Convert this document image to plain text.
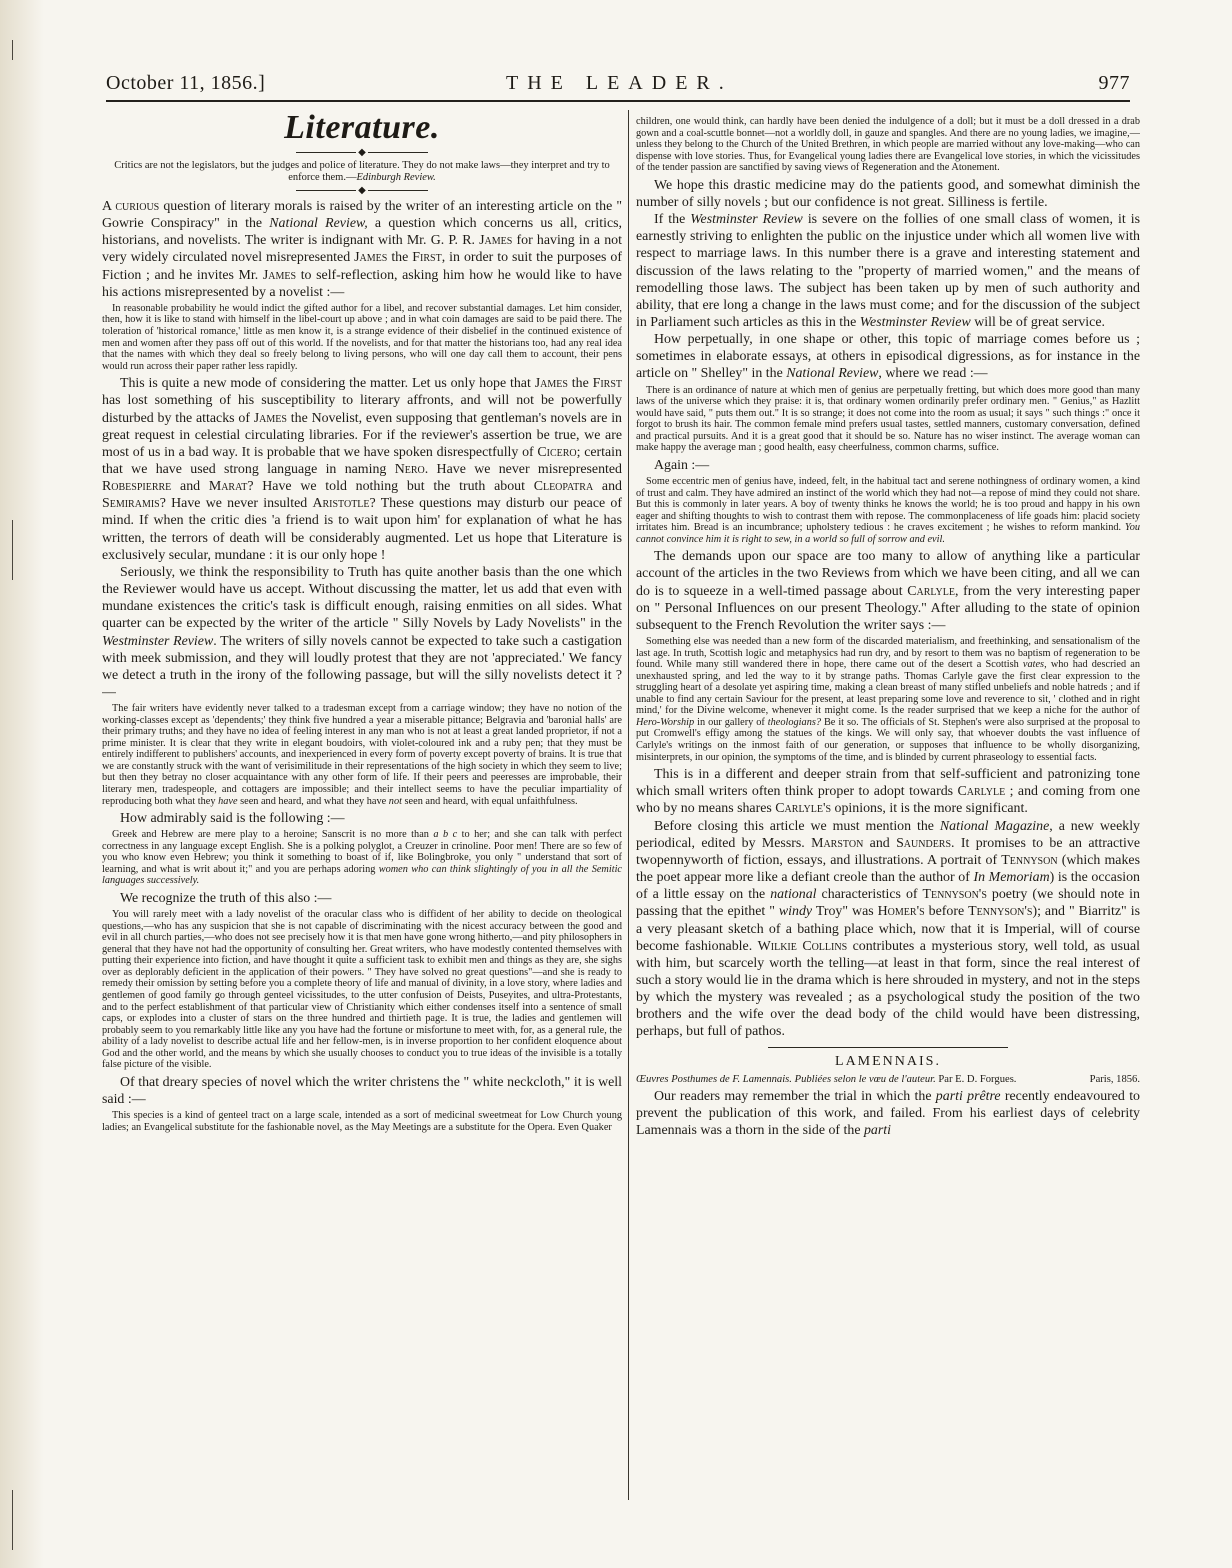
October 11, 1856.]	THE LEADER.	977
Literature.
◆
Critics are not the legislators, but the judges and police of literature. They do not make laws—they interpret and try to enforce them.—Edinburgh Review.
◆

A curious question of literary morals is raised by the writer of an interesting article on the " Gowrie Conspiracy" in the National Review, a question which concerns us all, critics, historians, and novelists. The writer is indignant with Mr. G. P. R. James for having in a not very widely circulated novel misrepresented James the First, in order to suit the purposes of Fiction ; and he invites Mr. James to self-reflection, asking him how he would like to have his actions misrepresented by a novelist :—

In reasonable probability he would indict the gifted author for a libel, and recover substantial damages. Let him consider, then, how it is like to stand with himself in the libel-court up above ; and in what coin damages are said to be paid there. The toleration of 'historical romance,' little as men know it, is a strange evidence of their disbelief in the continued existence of men and women after they pass off out of this world. If the novelists, and for that matter the historians too, had any real idea that the names with which they deal so freely belong to living persons, who will one day call them to account, their pens would run across their paper rather less rapidly.

This is quite a new mode of considering the matter. Let us only hope that James the First has lost something of his susceptibility to literary affronts, and will not be powerfully disturbed by the attacks of James the Novelist, even supposing that gentleman's novels are in great request in celestial circulating libraries. For if the reviewer's assertion be true, we are most of us in a bad way. It is probable that we have spoken disrespectfully of Cicero; certain that we have used strong language in naming Nero. Have we never misrepresented Robespierre and Marat? Have we told nothing but the truth about Cleopatra and Semiramis? Have we never insulted Aristotle? These questions may disturb our peace of mind. If when the critic dies 'a friend is to wait upon him' for explanation of what he has written, the terrors of death will be considerably augmented. Let us hope that Literature is exclusively secular, mundane : it is our only hope !

Seriously, we think the responsibility to Truth has quite another basis than the one which the Reviewer would have us accept. Without discussing the matter, let us add that even with mundane existences the critic's task is difficult enough, raising enmities on all sides. What quarter can be expected by the writer of the article " Silly Novels by Lady Novelists" in the Westminster Review. The writers of silly novels cannot be expected to take such a castigation with meek submission, and they will loudly protest that they are not 'appreciated.' We fancy we detect a truth in the irony of the following passage, but will the silly novelists detect it ?—

The fair writers have evidently never talked to a tradesman except from a carriage window; they have no notion of the working-classes except as 'dependents;' they think five hundred a year a miserable pittance; Belgravia and 'baronial halls' are their primary truths; and they have no idea of feeling interest in any man who is not at least a great landed proprietor, if not a prime minister. It is clear that they write in elegant boudoirs, with violet-coloured ink and a ruby pen; that they must be entirely indifferent to publishers' accounts, and inexperienced in every form of poverty except poverty of brains. It is true that we are constantly struck with the want of verisimilitude in their representations of the high society in which they seem to live; but then they betray no closer acquaintance with any other form of life. If their peers and peeresses are improbable, their literary men, tradespeople, and cottagers are impossible; and their intellect seems to have the peculiar impartiality of reproducing both what they have seen and heard, and what they have not seen and heard, with equal unfaithfulness.

How admirably said is the following :—

Greek and Hebrew are mere play to a heroine; Sanscrit is no more than a b c to her; and she can talk with perfect correctness in any language except English. She is a polking polyglot, a Creuzer in crinoline. Poor men! There are so few of you who know even Hebrew; you think it something to boast of if, like Bolingbroke, you only " understand that sort of learning, and what is writ about it;" and you are perhaps adoring women who can think slightingly of you in all the Semitic languages successively.

We recognize the truth of this also :—

You will rarely meet with a lady novelist of the oracular class who is diffident of her ability to decide on theological questions,—who has any suspicion that she is not capable of discriminating with the nicest accuracy between the good and evil in all church parties,—who does not see precisely how it is that men have gone wrong hitherto,—and pity philosophers in general that they have not had the opportunity of consulting her. Great writers, who have modestly contented themselves with putting their experience into fiction, and have thought it quite a sufficient task to exhibit men and things as they are, she sighs over as deplorably deficient in the application of their powers. " They have solved no great questions"—and she is ready to remedy their omission by setting before you a complete theory of life and manual of divinity, in a love story, where ladies and gentlemen of good family go through genteel vicissitudes, to the utter confusion of Deists, Puseyites, and ultra-Protestants, and to the perfect establishment of that particular view of Christianity which either condenses itself into a sentence of small caps, or explodes into a cluster of stars on the three hundred and thirtieth page. It is true, the ladies and gentlemen will probably seem to you remarkably little like any you have had the fortune or misfortune to meet with, for, as a general rule, the ability of a lady novelist to describe actual life and her fellow-men, is in inverse proportion to her confident eloquence about God and the other world, and the means by which she usually chooses to conduct you to true ideas of the invisible is a totally false picture of the visible.

Of that dreary species of novel which the writer christens the " white neckcloth," it is well said :—

This species is a kind of genteel tract on a large scale, intended as a sort of medicinal sweetmeat for Low Church young ladies; an Evangelical substitute for the fashionable novel, as the May Meetings are a substitute for the Opera. Even Quaker

children, one would think, can hardly have been denied the indulgence of a doll; but it must be a doll dressed in a drab gown and a coal-scuttle bonnet—not a worldly doll, in gauze and spangles. And there are no young ladies, we imagine,—unless they belong to the Church of the United Brethren, in which people are married without any love-making—who can dispense with love stories. Thus, for Evangelical young ladies there are Evangelical love stories, in which the vicissitudes of the tender passion are sanctified by saving views of Regeneration and the Atonement.

We hope this drastic medicine may do the patients good, and somewhat diminish the number of silly novels ; but our confidence is not great. Silliness is fertile.

If the Westminster Review is severe on the follies of one small class of women, it is earnestly striving to enlighten the public on the injustice under which all women live with respect to marriage laws. In this number there is a grave and interesting statement and discussion of the laws relating to the "property of married women," and the means of remodelling those laws. The subject has been taken up by men of such authority and ability, that ere long a change in the laws must come; and for the discussion of the subject in Parliament such articles as this in the Westminster Review will be of great service.

How perpetually, in one shape or other, this topic of marriage comes before us ; sometimes in elaborate essays, at others in episodical digressions, as for instance in the article on " Shelley" in the National Review, where we read :—

There is an ordinance of nature at which men of genius are perpetually fretting, but which does more good than many laws of the universe which they praise: it is, that ordinary women ordinarily prefer ordinary men. " Genius," as Hazlitt would have said, " puts them out." It is so strange; it does not come into the room as usual; it says " such things :" once it forgot to brush its hair. The common female mind prefers usual tastes, settled manners, customary conversation, defined and practical pursuits. And it is a great good that it should be so. Nature has no wiser instinct. The average woman can make happy the average man ; good health, easy cheerfulness, common charms, suffice.

Again :—

Some eccentric men of genius have, indeed, felt, in the habitual tact and serene nothingness of ordinary women, a kind of trust and calm. They have admired an instinct of the world which they had not—a repose of mind they could not share. But this is commonly in later years. A boy of twenty thinks he knows the world; he is too proud and happy in his own eager and shifting thoughts to wish to contrast them with repose. The commonplaceness of life goads him: placid society irritates him. Bread is an incumbrance; upholstery tedious : he craves excitement ; he wishes to reform mankind. You cannot convince him it is right to sew, in a world so full of sorrow and evil.

The demands upon our space are too many to allow of anything like a particular account of the articles in the two Reviews from which we have been citing, and all we can do is to squeeze in a well-timed passage about Carlyle, from the very interesting paper on " Personal Influences on our present Theology." After alluding to the state of opinion subsequent to the French Revolution the writer says :—

Something else was needed than a new form of the discarded materialism, and freethinking, and sensationalism of the last age. In truth, Scottish logic and metaphysics had run dry, and by resort to them was no baptism of regeneration to be found. While many still wandered there in hope, there came out of the desert a Scottish vates, who had descried an unexhausted spring, and led the way to it by strange paths. Thomas Carlyle gave the first clear expression to the struggling heart of a desolate yet aspiring time, making a clean breast of many stifled unbeliefs and noble hatreds ; and if unable to find any certain Saviour for the present, at least preparing some love and reverence to sit, ' clothed and in right mind,' for the Divine welcome, whenever it might come. Is the reader surprised that we keep a niche for the author of Hero-Worship in our gallery of theologians? Be it so. The officials of St. Stephen's were also surprised at the proposal to put Cromwell's effigy among the statues of the kings. We will only say, that whoever doubts the vast influence of Carlyle's writings on the inmost faith of our generation, or supposes that influence to be wholly disorganizing, misinterprets, in our opinion, the symptoms of the time, and is blinded by current phraseology to essential facts.

This is in a different and deeper strain from that self-sufficient and patronizing tone which small writers often think proper to adopt towards Carlyle ; and coming from one who by no means shares Carlyle's opinions, it is the more significant.

Before closing this article we must mention the National Magazine, a new weekly periodical, edited by Messrs. Marston and Saunders. It promises to be an attractive twopennyworth of fiction, essays, and illustrations. A portrait of Tennyson (which makes the poet appear more like a defiant creole than the author of In Memoriam) is the occasion of a little essay on the national characteristics of Tennyson's poetry (we should note in passing that the epithet " windy Troy" was Homer's before Tennyson's); and " Biarritz" is a very pleasant sketch of a bathing place which, now that it is Imperial, will of course become fashionable. Wilkie Collins contributes a mysterious story, well told, as usual with him, but scarcely worth the telling—at least in that form, since the real interest of such a story would lie in the drama which is here shrouded in mystery, and not in the steps by which the mystery was revealed ; as a psychological study the position of the two brothers and the wife over the dead body of the child would have been distressing, perhaps, but full of pathos.

LAMENNAIS.

Œuvres Posthumes de F. Lamennais. Publiées selon le vœu de l'auteur. Par E. D. Forgues.	Paris, 1856.

Our readers may remember the trial in which the parti prêtre recently endeavoured to prevent the publication of this work, and failed. From his earliest days of celebrity Lamennais was a thorn in the side of the parti
